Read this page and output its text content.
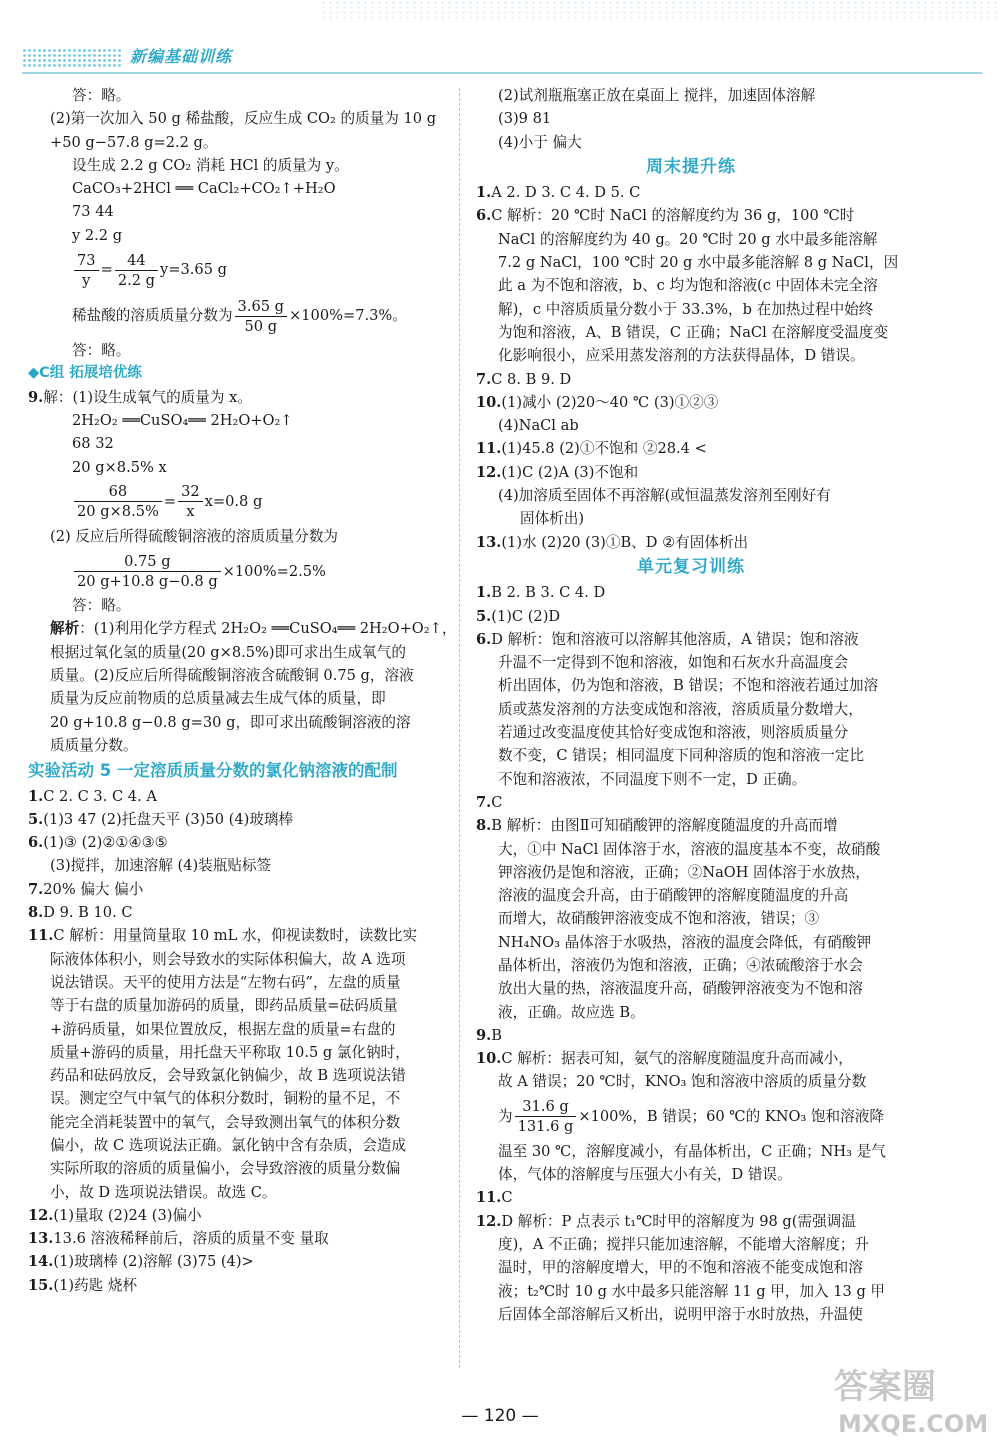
新编基础训练
答：略。
(2)第一次加入 50 g 稀盐酸，反应生成 CO₂ 的质量为 10 g
+50 g−57.8 g=2.2 g。
设生成 2.2 g CO₂ 消耗 HCl 的质量为 y。
CaCO₃+2HCl ══ CaCl₂+CO₂↑+H₂O
73 44
y 2.2 g
$\frac{73}{y} = \frac{44}{2.2 g} y=3.65$ g
稀盐酸的溶质质量分数为 $\frac{3.65 g}{50 g} \times 100\%=7.3\%$。
答：略。
◆C组 拓展培优练
9.解：(1)设生成氧气的质量为 x。
2H₂O₂ ══CuSO₄══ 2H₂O+O₂↑
68 32
20 g×8.5% x
$\frac{68}{20 g\times 8.5\%} = \frac{32}{x} x=0.8$ g
(2) 反应后所得硫酸铜溶液的溶质质量分数为
$\frac{0.75 g}{20 g+10.8 g-0.8 g} \times 100\%=2.5\%$
答：略。
解析：(1)利用化学方程式 2H₂O₂ ══CuSO₄══ 2H₂O+O₂↑，
根据过氧化氢的质量(20 g×8.5%)即可求出生成氧气的
质量。(2)反应后所得硫酸铜溶液含硫酸铜 0.75 g，溶液
质量为反应前物质的总质量减去生成气体的质量，即
20 g+10.8 g−0.8 g=30 g，即可求出硫酸铜溶液的溶
质质量分数。
实验活动 5 一定溶质质量分数的氯化钠溶液的配制
1.C 2. C 3. C 4. A
5.(1)3 47 (2)托盘天平 (3)50 (4)玻璃棒
6.(1)③ (2)②①④③⑤
(3)搅拌，加速溶解 (4)装瓶贴标签
7.20% 偏大 偏小
8.D 9. B 10. C
11.C 解析：用量筒量取 10 mL 水，仰视读数时，读数比实
际液体体积小，则会导致水的实际体积偏大，故 A 选项
说法错误。天平的使用方法是“左物右码”，左盘的质量
等于右盘的质量加游码的质量，即药品质量=砝码质量
+游码质量，如果位置放反，根据左盘的质量=右盘的
质量+游码的质量，用托盘天平称取 10.5 g 氯化钠时，
药品和砝码放反，会导致氯化钠偏少，故 B 选项说法错
误。测定空气中氧气的体积分数时，铜粉的量不足，不
能完全消耗装置中的氧气，会导致测出氧气的体积分数
偏小，故 C 选项说法正确。氯化钠中含有杂质，会造成
实际所取的溶质的质量偏小，会导致溶液的质量分数偏
小，故 D 选项说法错误。故选 C。
12.(1)量取 (2)24 (3)偏小
13.13.6 溶液稀释前后，溶质的质量不变 量取
14.(1)玻璃棒 (2)溶解 (3)75 (4)>
15.(1)药匙 烧杯
(2)试剂瓶瓶塞正放在桌面上 搅拌，加速固体溶解
(3)9 81
(4)小于 偏大
周末提升练
1.A 2. D 3. C 4. D 5. C
6.C 解析：20 ℃时 NaCl 的溶解度约为 36 g，100 ℃时
NaCl 的溶解度约为 40 g。20 ℃时 20 g 水中最多能溶解
7.2 g NaCl，100 ℃时 20 g 水中最多能溶解 8 g NaCl，因
此 a 为不饱和溶液，b、c 均为饱和溶液(c 中固体未完全溶
解)，c 中溶质质量分数小于 33.3%，b 在加热过程中始终
为饱和溶液，A、B 错误，C 正确；NaCl 在溶解度受温度变
化影响很小，应采用蒸发溶剂的方法获得晶体，D 错误。
7.C 8. B 9. D
10.(1)减小 (2)20～40 ℃ (3)①②③
(4)NaCl ab
11.(1)45.8 (2)①不饱和 ②28.4 <
12.(1)C (2)A (3)不饱和
(4)加溶质至固体不再溶解(或恒温蒸发溶剂至刚好有
固体析出)
13.(1)水 (2)20 (3)①B、D ②有固体析出
单元复习训练
1.B 2. B 3. C 4. D
5.(1)C (2)D
6.D 解析：饱和溶液可以溶解其他溶质，A 错误；饱和溶液
升温不一定得到不饱和溶液，如饱和石灰水升高温度会
析出固体，仍为饱和溶液，B 错误；不饱和溶液若通过加溶
质或蒸发溶剂的方法变成饱和溶液，溶质质量分数增大，
若通过改变温度使其恰好变成饱和溶液，则溶质质量分
数不变，C 错误；相同温度下同种溶质的饱和溶液一定比
不饱和溶液浓，不同温度下则不一定，D 正确。
7.C
8.B 解析：由图Ⅱ可知硝酸钾的溶解度随温度的升高而增
大，①中 NaCl 固体溶于水，溶液的温度基本不变，故硝酸
钾溶液仍是饱和溶液，正确；②NaOH 固体溶于水放热，
溶液的温度会升高，由于硝酸钾的溶解度随温度的升高
而增大，故硝酸钾溶液变成不饱和溶液，错误；③
NH₄NO₃ 晶体溶于水吸热，溶液的温度会降低，有硝酸钾
晶体析出，溶液仍为饱和溶液，正确；④浓硫酸溶于水会
放出大量的热，溶液温度升高，硝酸钾溶液变为不饱和溶
液，正确。故应选 B。
9.B
10.C 解析：据表可知，氨气的溶解度随温度升高而减小，
故 A 错误；20 ℃时，KNO₃ 饱和溶液中溶质的质量分数
为 $\frac{31.6 g}{131.6 g} \times 100\%$，B 错误；60 ℃的 KNO₃ 饱和溶液降
温至 30 ℃，溶解度减小，有晶体析出，C 正确；NH₃ 是气
体，气体的溶解度与压强大小有关，D 错误。
11.C
12.D 解析：P 点表示 t₁℃时甲的溶解度为 98 g(需强调温
度)，A 不正确；搅拌只能加速溶解，不能增大溶解度；升
温时，甲的溶解度增大，甲的不饱和溶液不能变成饱和溶
液；t₂℃时 10 g 水中最多只能溶解 11 g 甲，加入 13 g 甲
后固体全部溶解后又析出，说明甲溶于水时放热，升温使
— 120 —
答案圈
MXQE.COM
